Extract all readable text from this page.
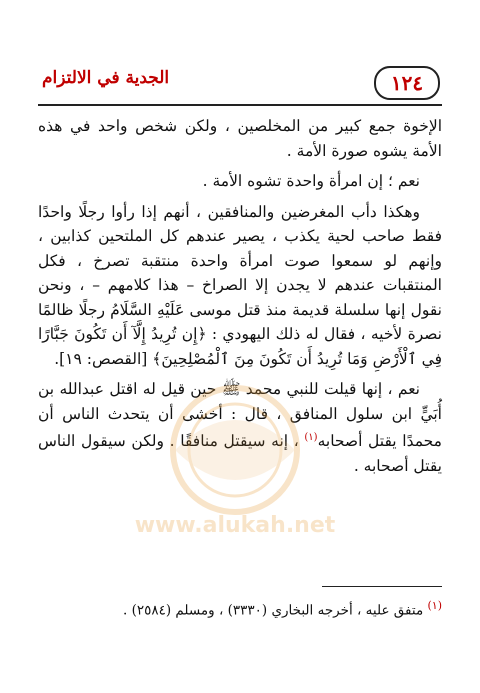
١٢٤
الجدية في الالتزام

الإخوة جمع كبير من المخلصين ، ولكن شخص واحد في هذه الأمة يشوه صورة الأمة .

نعم ؛ إن امرأة واحدة تشوه الأمة .

وهكذا دأب المغرضين والمنافقين ، أنهم إذا رأوا رجلًا واحدًا فقط صاحب لحية يكذب ، يصير عندهم كل الملتحين كذابين ، وإنهم لو سمعوا صوت امرأة واحدة منتقبة تصرخ ، فكل المنتقبات عندهم لا يجدن إلا الصراخ – هذا كلامهم – ، ونحن نقول إنها سلسلة قديمة منذ قتل موسى عَلَيْهِ السَّلَامُ رجلًا ظالمًا نصرة لأخيه ، فقال له ذلك اليهودي : ﴿إِن تُرِيدُ إِلَّآ أَن تَكُونَ جَبَّارًا فِي ٱلْأَرْضِ وَمَا تُرِيدُ أَن تَكُونَ مِنَ ٱلْمُصْلِحِينَ﴾ [القصص: ١٩].

نعم ، إنها قيلت للنبي محمد ﷺ حين قيل له اقتل عبدالله بن أُبَيٍّ ابن سلول المنافق ، قال : أخشى أن يتحدث الناس أن محمدًا يقتل أصحابه$^{(١)}$ ، إنه سيقتل منافقًا . ولكن سيقول الناس يقتل أصحابه .

www.alukah.net
$^{(١)}$ متفق عليه ، أخرجه البخاري (٣٣٣٠) ، ومسلم (٢٥٨٤) .
